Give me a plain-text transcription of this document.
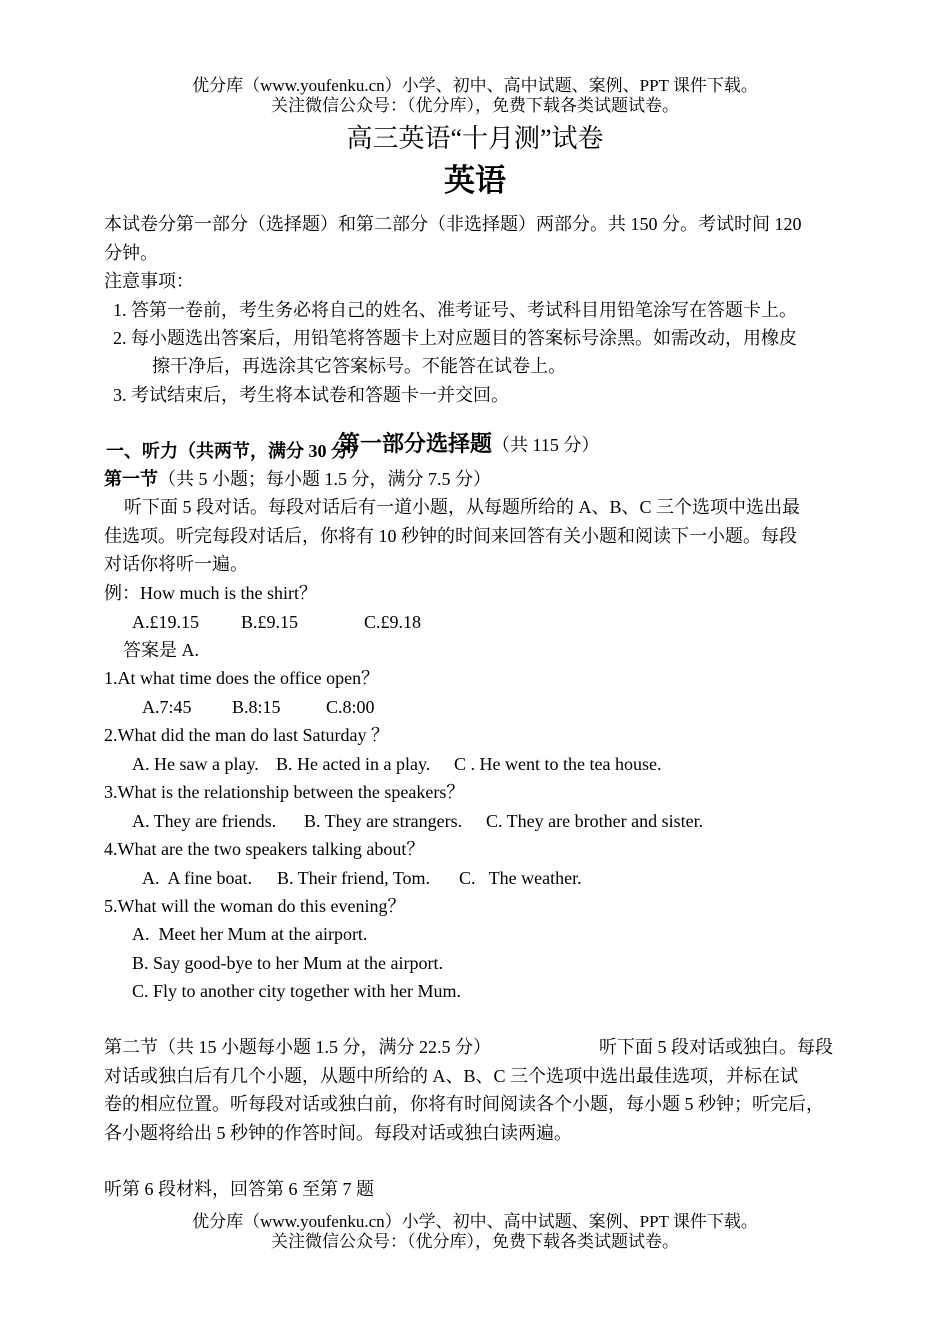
优分库（www.youfenku.cn）小学、初中、高中试题、案例、PPT 课件下载。
关注微信公众号：（优分库），免费下载各类试题试卷。
高三英语“十月测”试卷
英语
本试卷分第一部分（选择题）和第二部分（非选择题）两部分。共 150 分。考试时间 120
分钟。
注意事项：
1. 答第一卷前，考生务必将自己的姓名、准考证号、考试科目用铅笔涂写在答题卡上。
2. 每小题选出答案后，用铅笔将答题卡上对应题目的答案标号涂黑。如需改动，用橡皮
擦干净后，再选涂其它答案标号。不能答在试卷上。
3. 考试结束后，考生将本试卷和答题卡一并交回。

第一部分选择题（共 115 分）

一、听力（共两节，满分 30 分）
第一节（共 5 小题；每小题 1.5 分，满分 7.5 分）
听下面 5 段对话。每段对话后有一道小题，从每题所给的 A、B、C 三个选项中选出最
佳选项。听完每段对话后，你将有 10 秒钟的时间来回答有关小题和阅读下一小题。每段
对话你将听一遍。
例：How much is the shirt？
A.£19.15 B.£9.15	C.£9.18
答案是 A.
1.At what time does the office open？
A.7:45 B.8:15	C.8:00
2.What did the man do last Saturday ？
A. He saw a play. B. He acted in a play. C . He went to the tea house.
3.What is the relationship between the speakers？
A. They are friends. B. They are strangers. C. They are brother and sister.
4.What are the two speakers talking about？
A.  A fine boat. B. Their friend, Tom. C.   The weather.
5.What will the woman do this evening？
A.  Meet her Mum at the airport.
B. Say good-bye to her Mum at the airport.
C. Fly to another city together with her Mum.
第二节（共 15 小题每小题 1.5 分，满分 22.5 分）	听下面 5 段对话或独白。每段
对话或独白后有几个小题，从题中所给的 A、B、C 三个选项中选出最佳选项，并标在试
卷的相应位置。听每段对话或独白前，你将有时间阅读各个小题，每小题 5 秒钟；听完后，
各小题将给出 5 秒钟的作答时间。每段对话或独白读两遍。
听第 6 段材料，回答第 6 至第 7 题
优分库（www.youfenku.cn）小学、初中、高中试题、案例、PPT 课件下载。
关注微信公众号：（优分库），免费下载各类试题试卷。
